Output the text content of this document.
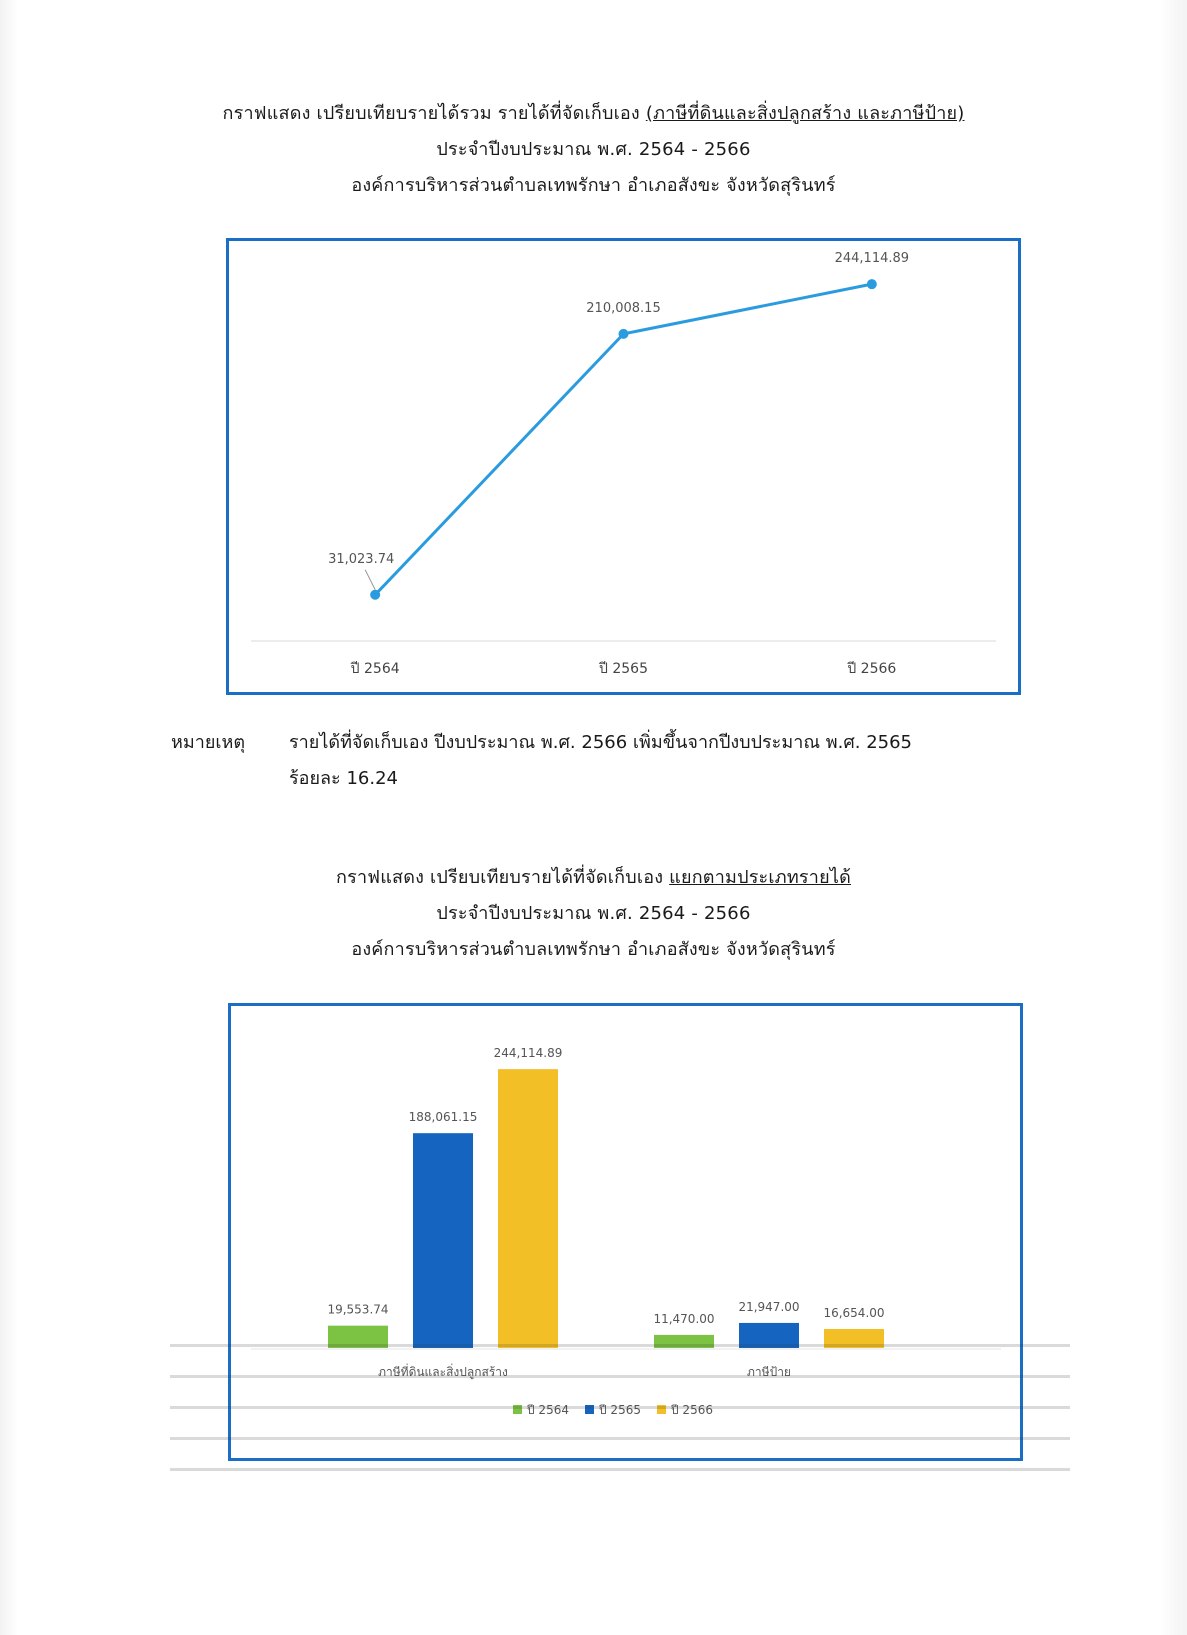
กราฟแสดง เปรียบเทียบรายได้รวม รายได้ที่จัดเก็บเอง (ภาษีที่ดินและสิ่งปลูกสร้าง และภาษีป้าย)
ประจำปีงบประมาณ พ.ศ. 2564 - 2566
องค์การบริหารส่วนตำบลเทพรักษา อำเภอสังขะ จังหวัดสุรินทร์
31,023.74
ปี 2564
210,008.15
ปี 2565
244,114.89
ปี 2566
หมายเหตุ รายได้ที่จัดเก็บเอง ปีงบประมาณ พ.ศ. 2566 เพิ่มขึ้นจากปีงบประมาณ พ.ศ. 2565
ร้อยละ 16.24
กราฟแสดง เปรียบเทียบรายได้ที่จัดเก็บเอง แยกตามประเภทรายได้
ประจำปีงบประมาณ พ.ศ. 2564 - 2566
องค์การบริหารส่วนตำบลเทพรักษา อำเภอสังขะ จังหวัดสุรินทร์
19,553.74
188,061.15
244,114.89
ภาษีที่ดินและสิ่งปลูกสร้าง
11,470.00
21,947.00 16,654.00
ภาษีป้าย
ปี 2564	ปี 2565	ปี 2566
